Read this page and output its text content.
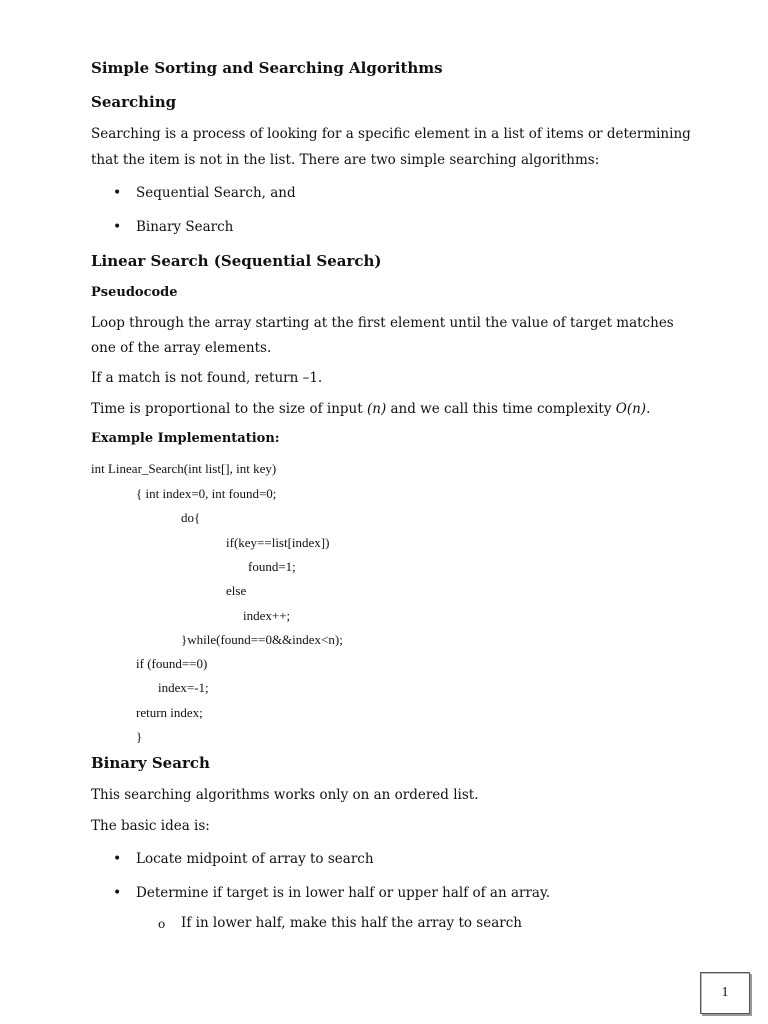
Simple Sorting and Searching Algorithms
Searching
Searching is a process of looking for a specific element in a list of items or determining
that the item is not in the list. There are two simple searching algorithms:
• Sequential Search, and
• Binary Search
Linear Search (Sequential Search)
Pseudocode
Loop through the array starting at the first element until the value of target matches
one of the array elements.
If a match is not found, return –1.
Time is proportional to the size of input (n) and we call this time complexity O(n).
Example Implementation:
int Linear_Search(int list[], int key)
{ int index=0, int found=0;
do{
if(key==list[index])
found=1;
else
index++;
}while(found==0&&index<n);
if (found==0)
index=-1;
return index;
}
Binary Search
This searching algorithms works only on an ordered list.
The basic idea is:
• Locate midpoint of array to search
• Determine if target is in lower half or upper half of an array.
o If in lower half, make this half the array to search
1
